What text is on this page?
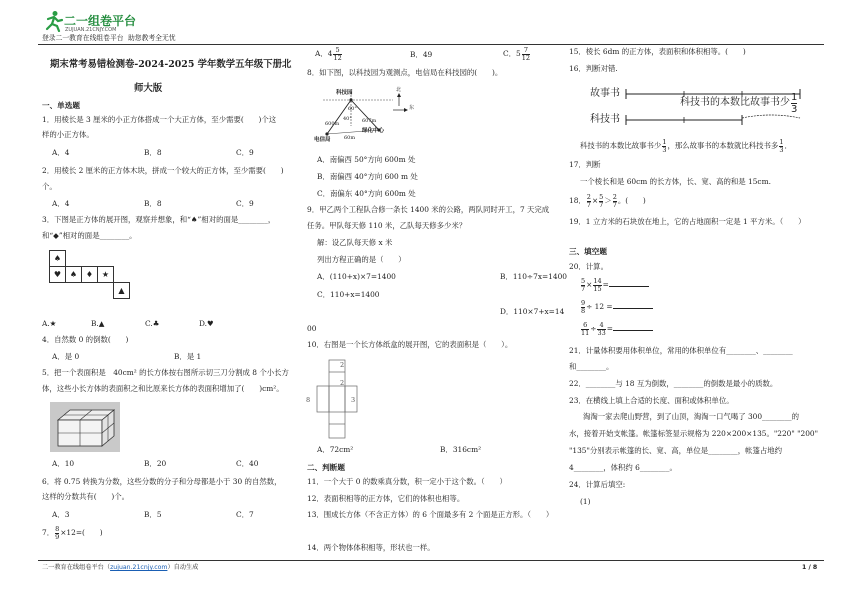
二一组卷平台
ZUJUAN.21CNJY.COM
登录二一教育在线组卷平台 助您教考全无忧
期末常考易错检测卷-2024-2025 学年数学五年级下册北
师大版
一、单选题
1．用棱长是 3 厘米的小正方体搭成一个大正方体，至少需要(　　)个这
样的小正方体。
A．4	B．8	C．9
2．用棱长 2 厘米的正方体木块，拼成一个较大的正方体，至少需要(　　)
个。
A．4	B．8	C．9
3．下图是正方体的展开图，观察并想象，和“♠”相对的面是________，
和“◆”相对的面是________。
♠
♥	♠	♦	★
▲
A.★	B.▲	C.♣	D.♥
4．自然数 0 的倒数(　　)
A．是 0	B．是 1
5．把一个表面积是　40cm² 的长方体按右图所示切三刀分割成 8 个小长方
体，这些小长方体的表面积之和比原来长方体的表面积增加了(　　)cm²。
A．10	B．20	C．40
6．将 0.75 转换为分数，这些分数的分子和分母都是小于 30 的自然数，
这样的分数共有(　　)个。
A．3	B．5	C．7
7． $\frac{8}{9} \times 12=$(　　)
A．$4 \frac{5}{12}$	B．49	C．$5 \frac{7}{12}$
8．如下图，以科技园为观测点，电信局在科技园的(　　)。
科技园	北
东
60°
电信局
40°
600m	607m
60m
绿化中心
A．南偏西 50°方向 600m 处
B．南偏西 40°方向 600 m 处
C．南偏东 40°方向 600m 处
9．甲乙两个工程队合修一条长 1400 米的公路，两队同时开工，7 天完成
任务。甲队每天修 110 米，乙队每天修多少米？
解：设乙队每天修 x 米
列出方程正确的是（　　）
A．(110+x)×7=1400	B．110÷7x=1400
C．110+x=1400
D．110×7+x=14
00
10．右图是一个长方体纸盒的展开图，它的表面积是（　　）。
2
2
3
8
A．72cm²	B．316cm²
二、判断题
11．一个大于 0 的数乘真分数，积一定小于这个数。（　　）
12．表面积相等的正方体，它们的体积也相等。
13．围成长方体（不含正方体）的 6 个面最多有 2 个面是正方形。（　　）
14．两个物体体积相等，形状也一样。
15．棱长 6dm 的正方体，表面积和体积相等。(　　)
16．判断对错.
故事书
科技书
科技书的本数比故事书少 1
3
科技书的本数比故事书少 $\frac{1}{3}$ ，那么故事书的本数就比科技书多 $\frac{1}{3}$ ．
17．判断
一个棱长和是 60cm 的长方体，长、宽、高的和是 15cm.
18． $\frac{2}{7} \times \frac{5}{7} > \frac{2}{7}$ 。(　　)
19．1 立方米的石块放在地上，它的占地面积一定是 1 平方米。（　　）
三、填空题
20．计算。
$\frac{5}{7} \times \frac{14}{15}$ =
$\frac{9}{8} \div 12$ =
$\frac{6}{11} \div \frac{4}{33}$ =
21．计量体积要用体积单位，常用的体积单位有________、________
和________。
22．________与 18 互为倒数，________的倒数是最小的质数。
23．在横线上填上合适的长度、面积或体积单位。
淘淘一家去爬山野营，到了山顶，淘淘一口气喝了 300________的
水，接着开始支帐篷。帐篷标签显示规格为 220×200×135。"220" "200"
"135"分别表示帐篷的长、宽、高，单位是________，帐篷占地约
4________，体积约 6________。
24．计算后填空:
(1)
二一教育在线组卷平台（zujuan.21cnjy.com）自动生成	1 / 8
